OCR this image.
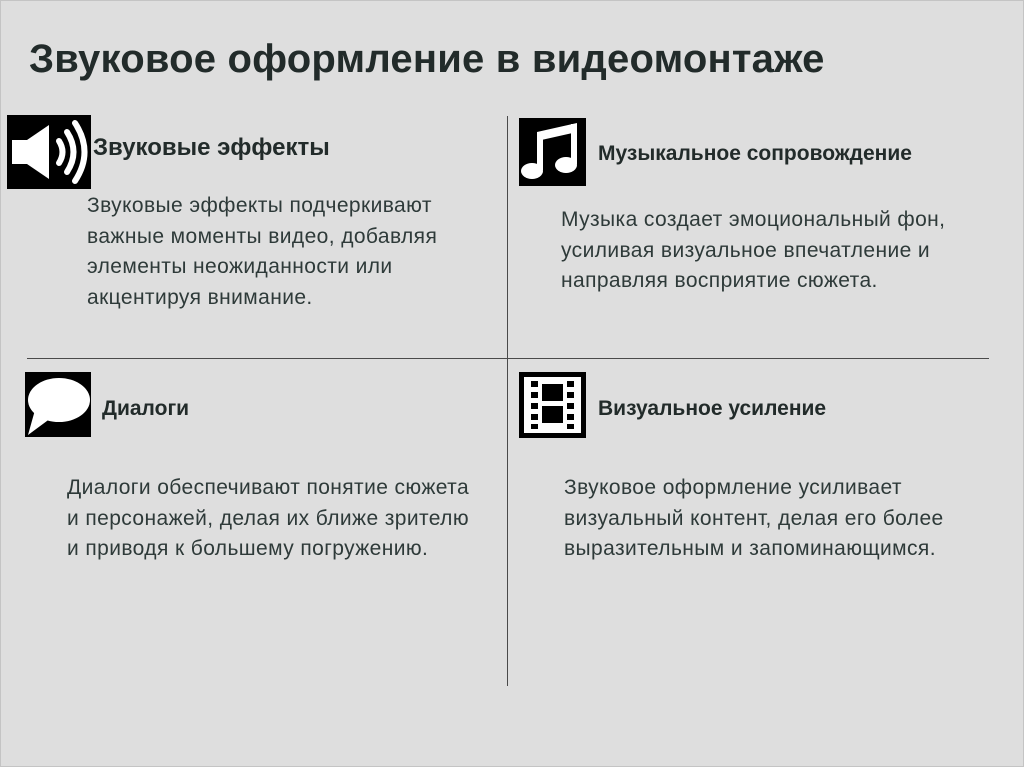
Звуковое оформление в видеомонтаже
Звуковые эффекты

Звуковые эффекты подчеркивают важные моменты видео, добавляя элементы неожиданности или акцентируя внимание.

Музыкальное сопровождение

Музыка создает эмоциональный фон, усиливая визуальное впечатление и направляя восприятие сюжета.

Диалоги

Диалоги обеспечивают понятие сюжета и персонажей, делая их ближе зрителю и приводя к большему погружению.

Визуальное усиление

Звуковое оформление усиливает визуальный контент, делая его более выразительным и запоминающимся.
